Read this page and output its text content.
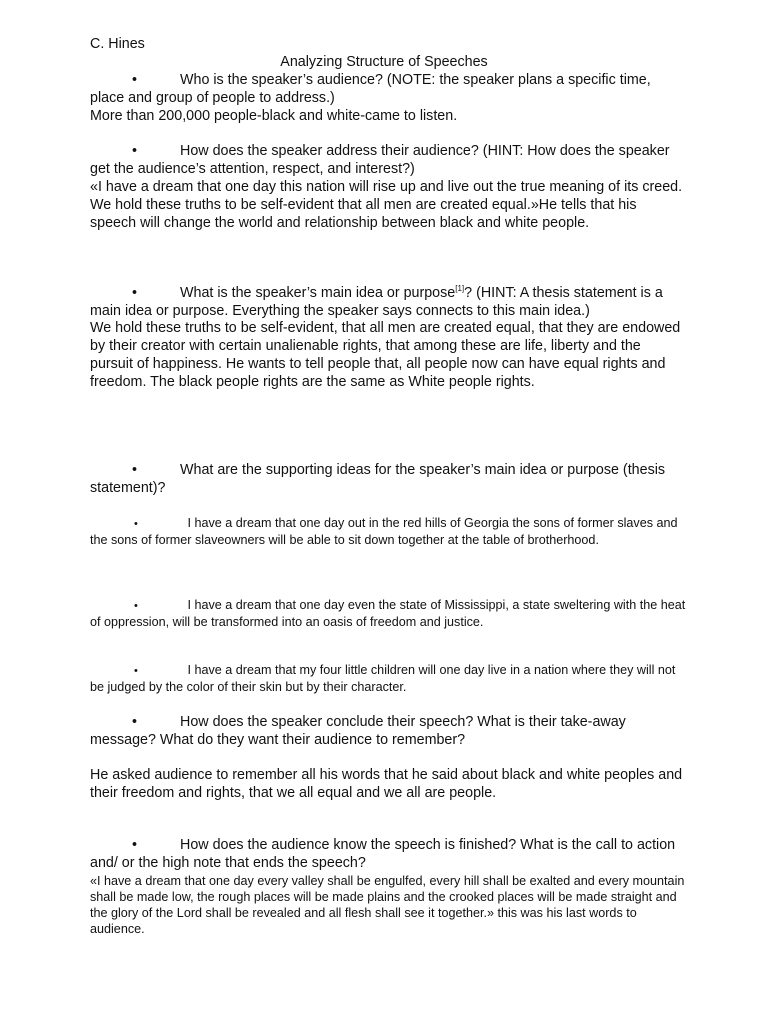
C. Hines
Analyzing Structure of Speeches
•	Who is the speaker’s audience? (NOTE: the speaker plans a specific time, place and group of people to address.)
More than 200,000 people-black and white-came to listen.
•	How does the speaker address their audience? (HINT: How does the speaker get the audience’s attention, respect, and interest?)
«I have a dream that one day this nation will rise up and live out the true meaning of its creed. We hold these truths to be self-evident that all men are created equal.»He tells that his speech will change the world and relationship between black and white people.
•	What is the speaker’s main idea or purpose[1]? (HINT: A thesis statement is a main idea or purpose. Everything the speaker says connects to this main idea.)
We hold these truths to be self-evident, that all men are created equal, that they are endowed by their creator with certain unalienable rights, that among these are life, liberty and the pursuit of happiness. He wants to tell people that, all people now can have equal rights and freedom. The black people rights are the same as White people rights.
•	What are the supporting ideas for the speaker’s main idea or purpose (thesis statement)?
•	I have a dream that one day out in the red hills of Georgia the sons of former slaves and the sons of former slaveowners will be able to sit down together at the table of brotherhood.
•	I have a dream that one day even the state of Mississippi, a state sweltering with the heat of oppression, will be transformed into an oasis of freedom and justice.
•	I have a dream that my four little children will one day live in a nation where they will not be judged by the color of their skin but by their character.
•	How does the speaker conclude their speech? What is their take-away message? What do they want their audience to remember?
He asked audience to remember all his words that he said about black and white peoples and their freedom and rights, that we all equal and we all are people.
•	How does the audience know the speech is finished? What is the call to action and/ or the high note that ends the speech?
«I have a dream that one day every valley shall be engulfed, every hill shall be exalted and every mountain shall be made low, the rough places will be made plains and the crooked places will be made straight and the glory of the Lord shall be revealed and all flesh shall see it together.» this was his last words to audience.
